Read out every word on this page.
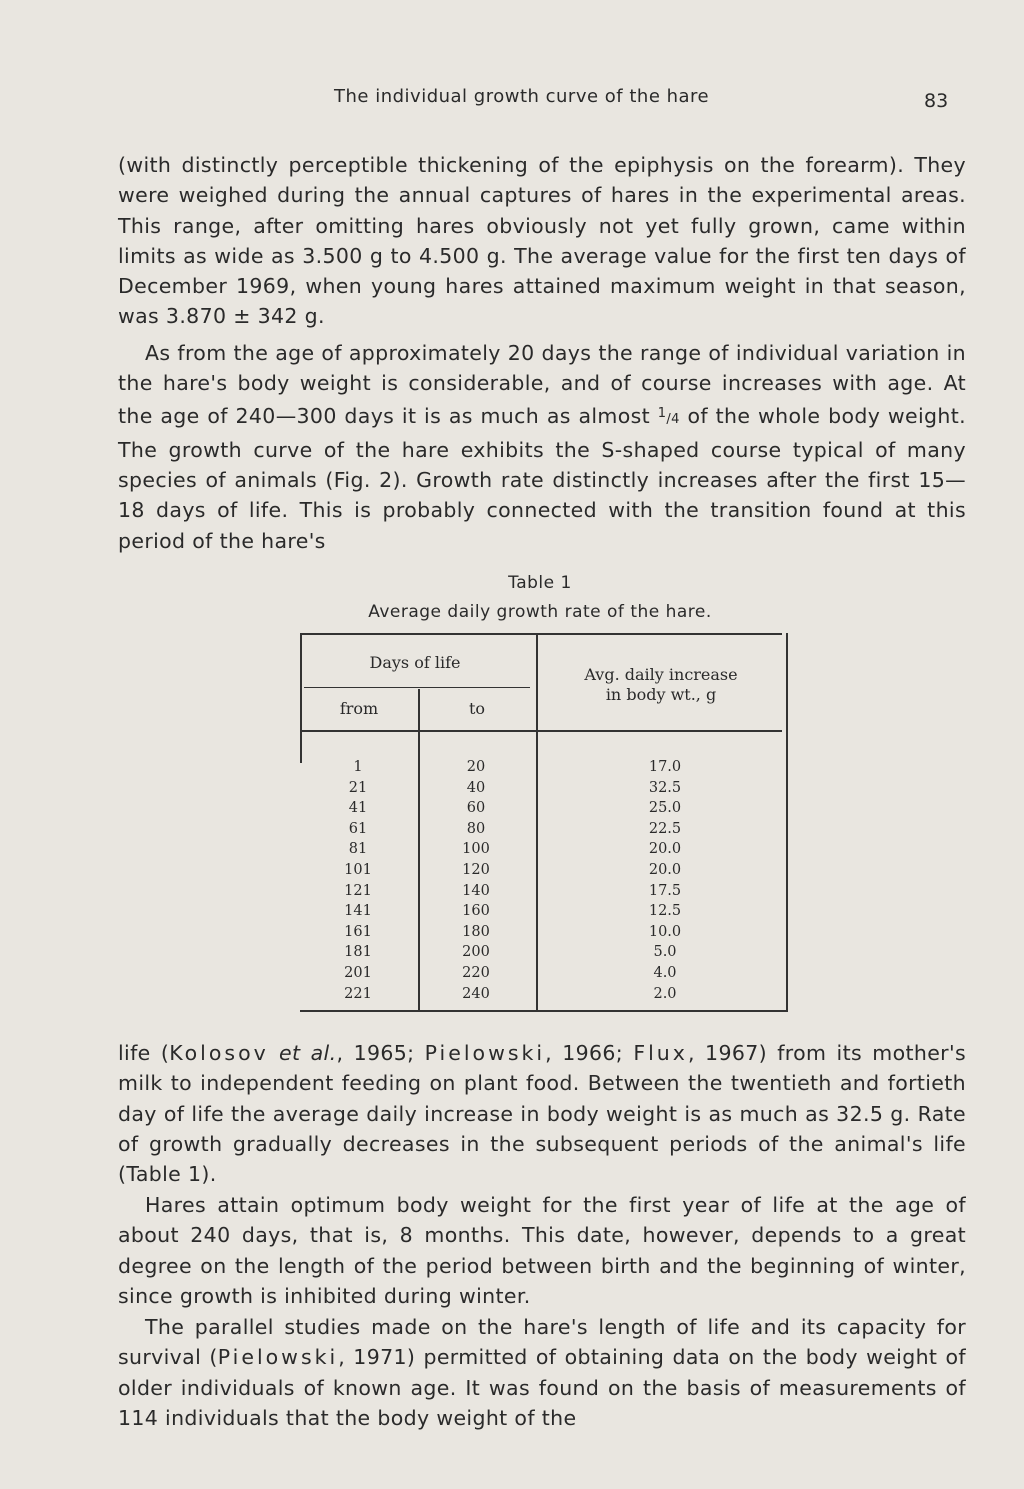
The individual growth curve of the hare	83

(with distinctly perceptible thickening of the epiphysis on the forearm). They were weighed during the annual captures of hares in the experimental areas. This range, after omitting hares obviously not yet fully grown, came within limits as wide as 3.500 g to 4.500 g. The average value for the first ten days of December 1969, when young hares attained maximum weight in that season, was 3.870 ± 342 g.

As from the age of approximately 20 days the range of individual variation in the hare's body weight is considerable, and of course increases with age. At the age of 240—300 days it is as much as almost $^1$/4 of the whole body weight. The growth curve of the hare exhibits the S-shaped course typical of many species of animals (Fig. 2). Growth rate distinctly increases after the first 15—18 days of life. This is probably connected with the transition found at this period of the hare's

Table 1
Average daily growth rate of the hare.
Days of life
from	to
Avg. daily increase
in body wt., g
1
21
41
61
81
101
121
141
161
181
201
221
20
40
60
80
100
120
140
160
180
200
220
240
17.0
32.5
25.0
22.5
20.0
20.0
17.5
12.5
10.0
5.0
4.0
2.0

life (Kolosov et al., 1965; Pielowski, 1966; Flux, 1967) from its mother's milk to independent feeding on plant food. Between the twentieth and fortieth day of life the average daily increase in body weight is as much as 32.5 g. Rate of growth gradually decreases in the subsequent periods of the animal's life (Table 1).

Hares attain optimum body weight for the first year of life at the age of about 240 days, that is, 8 months. This date, however, depends to a great degree on the length of the period between birth and the beginning of winter, since growth is inhibited during winter.

The parallel studies made on the hare's length of life and its capacity for survival (Pielowski, 1971) permitted of obtaining data on the body weight of older individuals of known age. It was found on the basis of measurements of 114 individuals that the body weight of the
